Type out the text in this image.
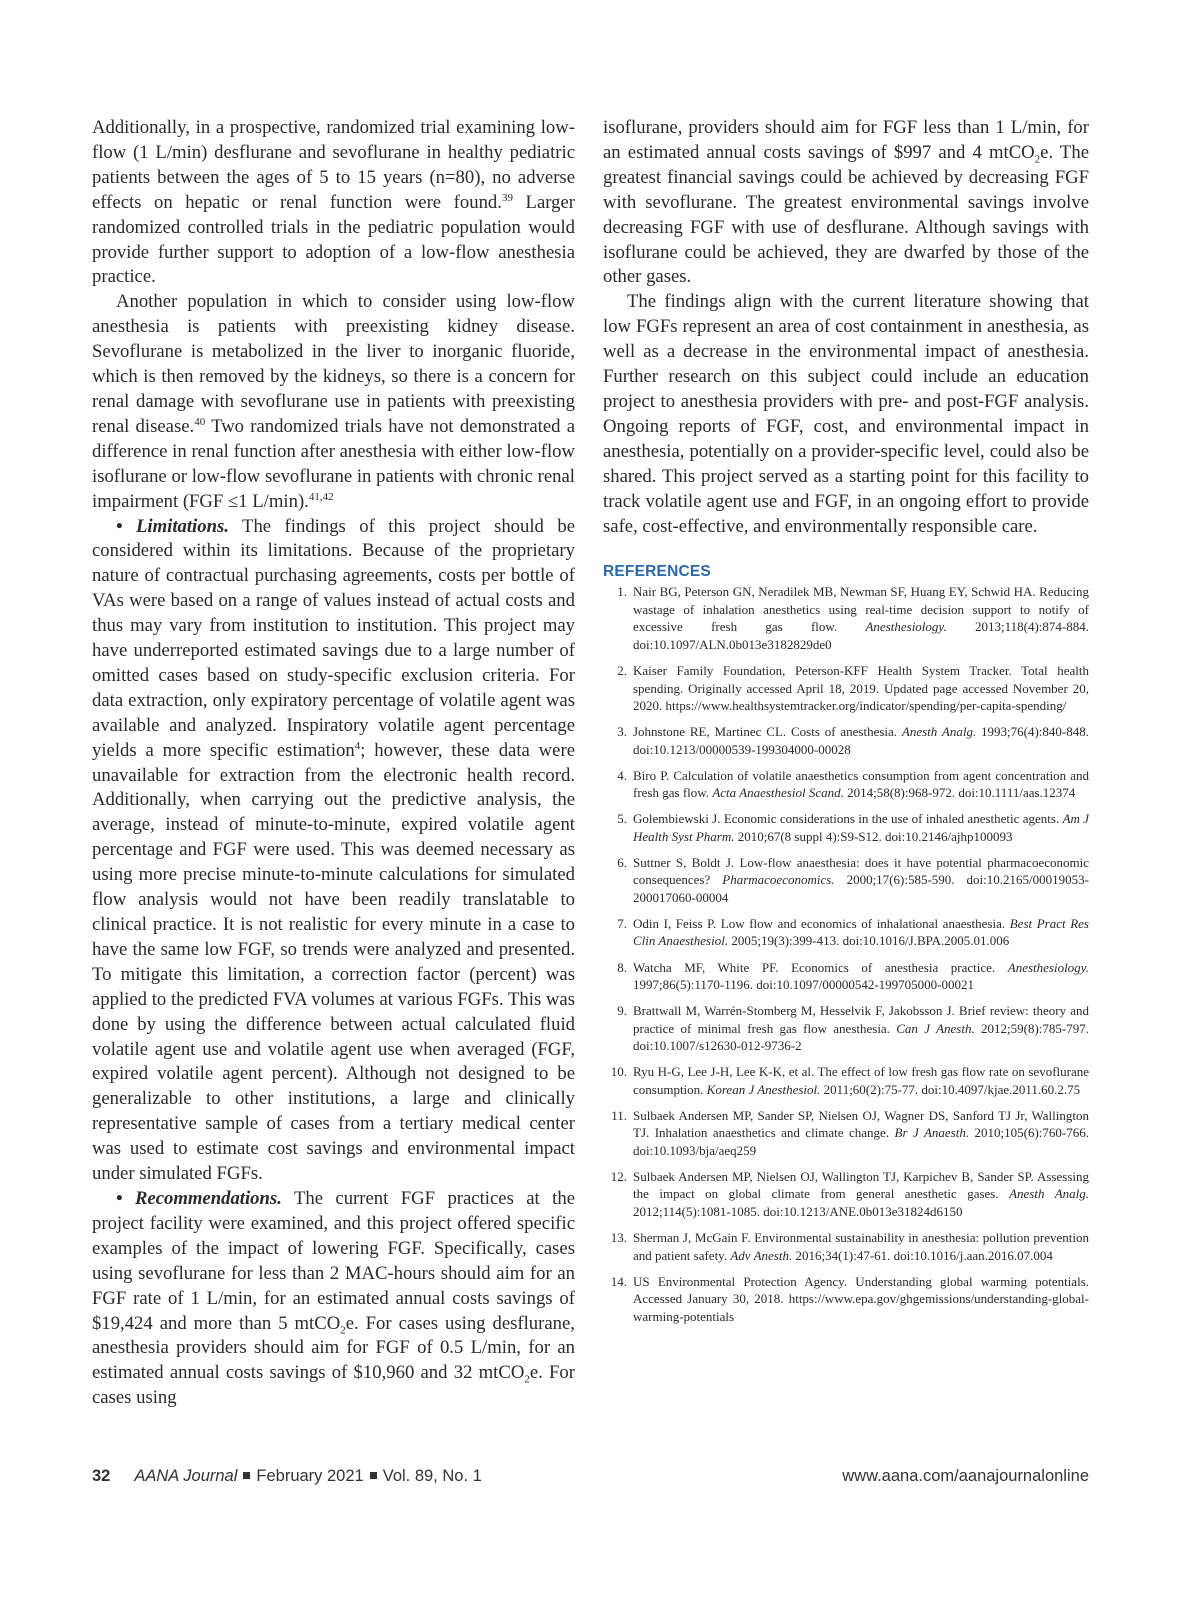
Additionally, in a prospective, randomized trial examining low-flow (1 L/min) desflurane and sevoflurane in healthy pediatric patients between the ages of 5 to 15 years (n=80), no adverse effects on hepatic or renal function were found.$^{39}$ Larger randomized controlled trials in the pediatric population would provide further support to adoption of a low-flow anesthesia practice.

Another population in which to consider using low-flow anesthesia is patients with preexisting kidney disease. Sevoflurane is metabolized in the liver to inorganic fluoride, which is then removed by the kidneys, so there is a concern for renal damage with sevoflurane use in patients with preexisting renal disease.$^{40}$ Two randomized trials have not demonstrated a difference in renal function after anesthesia with either low-flow isoflurane or low-flow sevoflurane in patients with chronic renal impairment (FGF ≤1 L/min).$^{41,42}$

• Limitations. The findings of this project should be considered within its limitations. Because of the proprietary nature of contractual purchasing agreements, costs per bottle of VAs were based on a range of values instead of actual costs and thus may vary from institution to institution. This project may have underreported estimated savings due to a large number of omitted cases based on study-specific exclusion criteria. For data extraction, only expiratory percentage of volatile agent was available and analyzed. Inspiratory volatile agent percentage yields a more specific estimation$^4$; however, these data were unavailable for extraction from the electronic health record. Additionally, when carrying out the predictive analysis, the average, instead of minute-to-minute, expired volatile agent percentage and FGF were used. This was deemed necessary as using more precise minute-to-minute calculations for simulated flow analysis would not have been readily translatable to clinical practice. It is not realistic for every minute in a case to have the same low FGF, so trends were analyzed and presented. To mitigate this limitation, a correction factor (percent) was applied to the predicted FVA volumes at various FGFs. This was done by using the difference between actual calculated fluid volatile agent use and volatile agent use when averaged (FGF, expired volatile agent percent). Although not designed to be generalizable to other institutions, a large and clinically representative sample of cases from a tertiary medical center was used to estimate cost savings and environmental impact under simulated FGFs.

• Recommendations. The current FGF practices at the project facility were examined, and this project offered specific examples of the impact of lowering FGF. Specifically, cases using sevoflurane for less than 2 MAC-hours should aim for an FGF rate of 1 L/min, for an estimated annual costs savings of $19,424 and more than 5 mtCO$_2$e. For cases using desflurane, anesthesia providers should aim for FGF of 0.5 L/min, for an estimated annual costs savings of $10,960 and 32 mtCO$_2$e. For cases using

isoflurane, providers should aim for FGF less than 1 L/min, for an estimated annual costs savings of $997 and 4 mtCO$_2$e. The greatest financial savings could be achieved by decreasing FGF with sevoflurane. The greatest environmental savings involve decreasing FGF with use of desflurane. Although savings with isoflurane could be achieved, they are dwarfed by those of the other gases.

The findings align with the current literature showing that low FGFs represent an area of cost containment in anesthesia, as well as a decrease in the environmental impact of anesthesia. Further research on this subject could include an education project to anesthesia providers with pre- and post-FGF analysis. Ongoing reports of FGF, cost, and environmental impact in anesthesia, potentially on a provider-specific level, could also be shared. This project served as a starting point for this facility to track volatile agent use and FGF, in an ongoing effort to provide safe, cost-effective, and environmentally responsible care.

REFERENCES
1. Nair BG, Peterson GN, Neradilek MB, Newman SF, Huang EY, Schwid HA. Reducing wastage of inhalation anesthetics using real-time decision support to notify of excessive fresh gas flow. Anesthesiology. 2013;118(4):874-884. doi:10.1097/ALN.0b013e3182829de0
2. Kaiser Family Foundation, Peterson-KFF Health System Tracker. Total health spending. Originally accessed April 18, 2019. Updated page accessed November 20, 2020. https://www.healthsystemtracker.org/indicator/spending/per-capita-spending/
3. Johnstone RE, Martinec CL. Costs of anesthesia. Anesth Analg. 1993;76(4):840-848. doi:10.1213/00000539-199304000-00028
4. Biro P. Calculation of volatile anaesthetics consumption from agent concentration and fresh gas flow. Acta Anaesthesiol Scand. 2014;58(8):968-972. doi:10.1111/aas.12374
5. Golembiewski J. Economic considerations in the use of inhaled anesthetic agents. Am J Health Syst Pharm. 2010;67(8 suppl 4):S9-S12. doi:10.2146/ajhp100093
6. Suttner S, Boldt J. Low-flow anaesthesia: does it have potential pharmacoeconomic consequences? Pharmacoeconomics. 2000;17(6):585-590. doi:10.2165/00019053-200017060-00004
7. Odin I, Feiss P. Low flow and economics of inhalational anaesthesia. Best Pract Res Clin Anaesthesiol. 2005;19(3):399-413. doi:10.1016/J.BPA.2005.01.006
8. Watcha MF, White PF. Economics of anesthesia practice. Anesthesiology. 1997;86(5):1170-1196. doi:10.1097/00000542-199705000-00021
9. Brattwall M, Warrén-Stomberg M, Hesselvik F, Jakobsson J. Brief review: theory and practice of minimal fresh gas flow anesthesia. Can J Anesth. 2012;59(8):785-797. doi:10.1007/s12630-012-9736-2
10. Ryu H-G, Lee J-H, Lee K-K, et al. The effect of low fresh gas flow rate on sevoflurane consumption. Korean J Anesthesiol. 2011;60(2):75-77. doi:10.4097/kjae.2011.60.2.75
11. Sulbaek Andersen MP, Sander SP, Nielsen OJ, Wagner DS, Sanford TJ Jr, Wallington TJ. Inhalation anaesthetics and climate change. Br J Anaesth. 2010;105(6):760-766. doi:10.1093/bja/aeq259
12. Sulbaek Andersen MP, Nielsen OJ, Wallington TJ, Karpichev B, Sander SP. Assessing the impact on global climate from general anesthetic gases. Anesth Analg. 2012;114(5):1081-1085. doi:10.1213/ANE.0b013e31824d6150
13. Sherman J, McGain F. Environmental sustainability in anesthesia: pollution prevention and patient safety. Adv Anesth. 2016;34(1):47-61. doi:10.1016/j.aan.2016.07.004
14. US Environmental Protection Agency. Understanding global warming potentials. Accessed January 30, 2018. https://www.epa.gov/ghgemissions/understanding-global-warming-potentials
32 AANA Journal February 2021 Vol. 89, No. 1	www.aana.com/aanajournalonline
